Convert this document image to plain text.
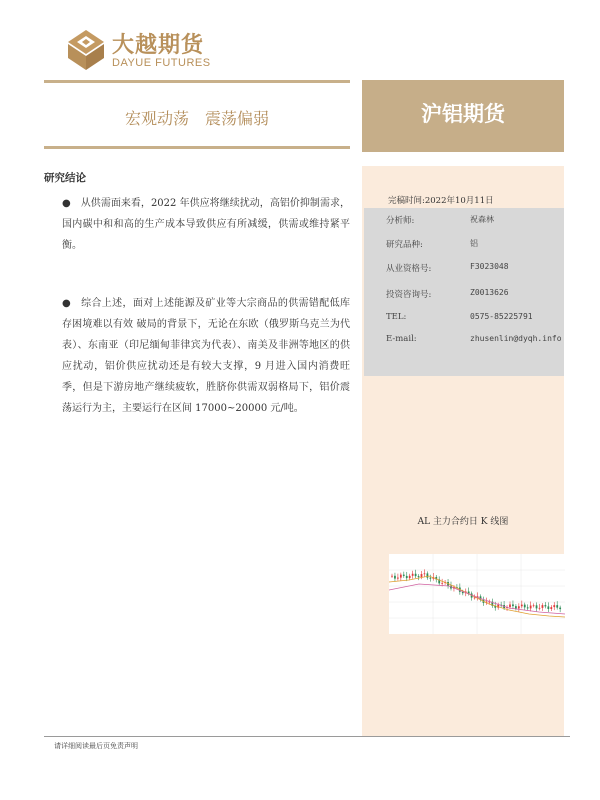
大越期货
DAYUE FUTURES
宏观动荡　震荡偏弱	沪铝期货
完稿时间:2022年10月11日
分析师:	祝森林
研究品种:	铝
从业资格号:	F3023048
投资咨询号:	Z0013626
TEL:	0575-85225791
E-mail:	zhusenlin@dyqh.info
AL 主力合约日 K 线图
研究结论
● 从供需面来看，2022 年供应将继续扰动，高铝价抑制需求，国内碳中和和高的生产成本导致供应有所减缓，供需或维持紧平衡。
● 综合上述，面对上述能源及矿业等大宗商品的供需错配低库存困境难以有效 破局的背景下，无论在东欧（俄罗斯乌克兰为代表）、东南亚（印尼缅甸菲律宾为代表）、南美及非洲等地区的供应扰动，铝价供应扰动还是有较大支撑，9 月进入国内消费旺季，但是下游房地产继续疲软，胜脐你供需双弱格局下，铝价震荡运行为主，主要运行在区间 17000~20000 元/吨。
请详细阅读最后页免责声明
